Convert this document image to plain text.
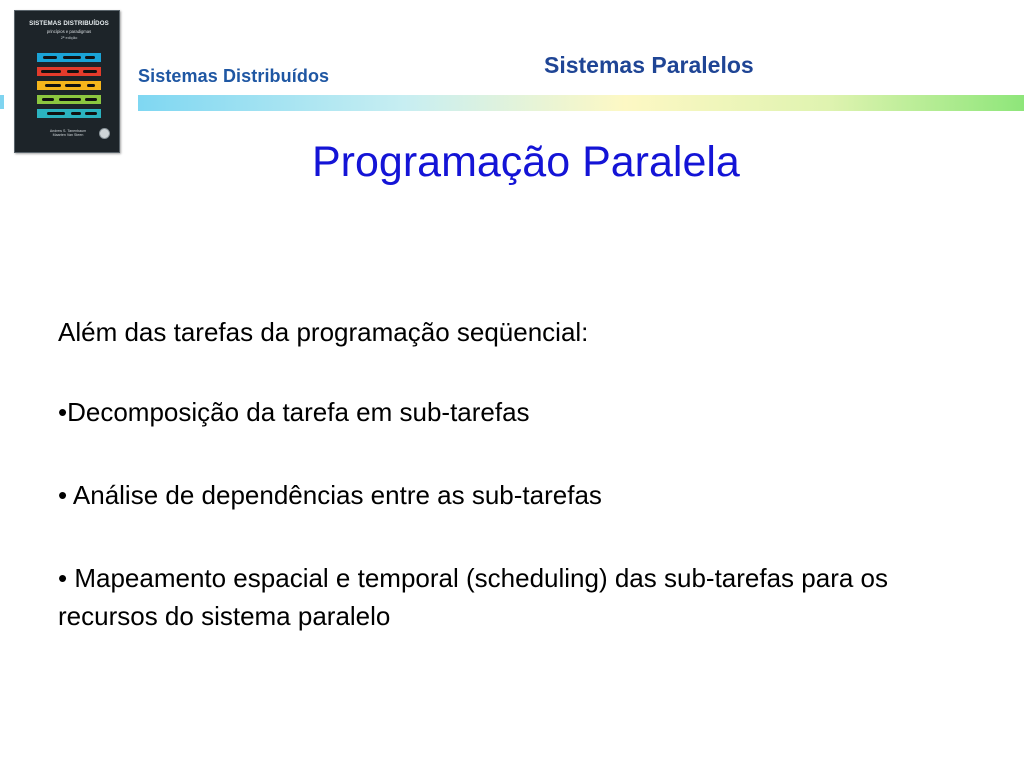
SISTEMAS DISTRIBUÍDOS
princípios e paradigmas
2ª edição
Andrew S. Tanenbaum
Maarten Van Steen
Sistemas Distribuídos	Sistemas Paralelos
Programação Paralela
Além das tarefas da programação seqüencial:
•Decomposição da tarefa em sub-tarefas
• Análise de dependências entre as sub-tarefas
• Mapeamento espacial e temporal (scheduling) das sub-tarefas para os recursos do sistema paralelo
